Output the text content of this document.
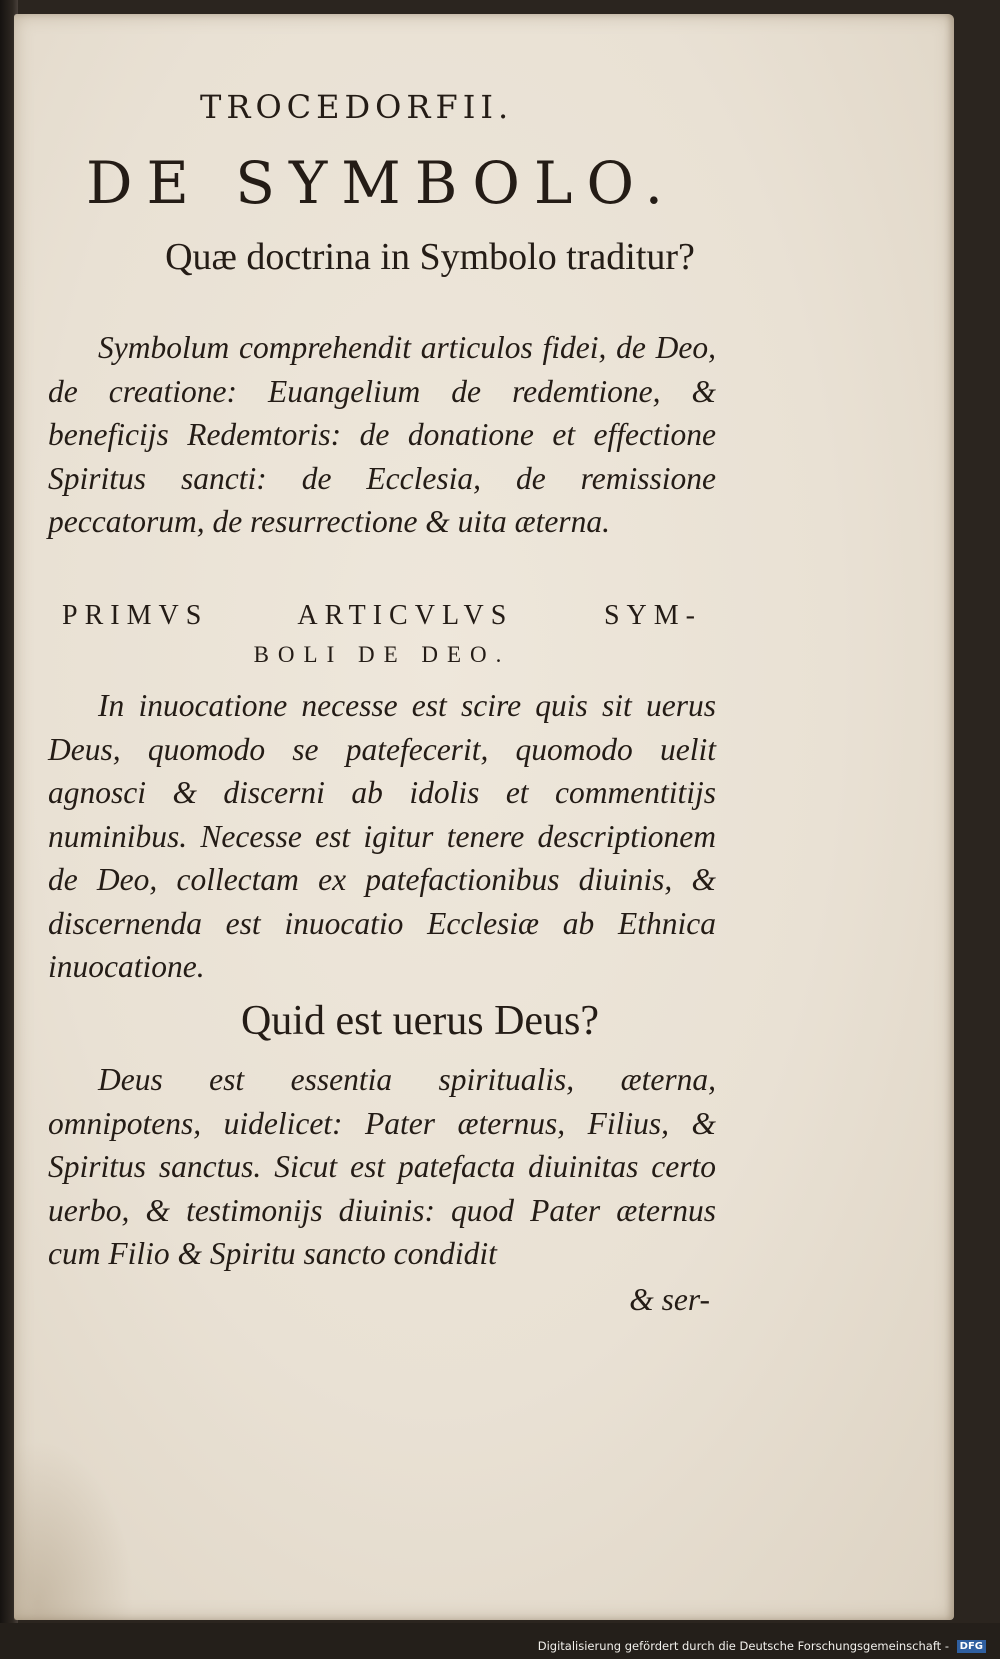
TROCEDORFII.
DE SYMBOLO.
Quæ doctrina in Symbolo traditur?
Symbolum comprehendit articulos fidei, de Deo, de creatione: Euangelium de redemtione, & beneficijs Redemtoris: de donatione et effectione Spiritus sancti: de Ecclesia, de remissione peccatorum, de resurrectione & uita æterna.
PRIMVS ARTICVLVS SYM-
BOLI DE DEO.
In inuocatione necesse est scire quis sit uerus Deus, quomodo se patefecerit, quomodo uelit agnosci & discerni ab idolis et commentitijs numinibus. Necesse est igitur tenere descriptionem de Deo, collectam ex patefactionibus diuinis, & discernenda est inuocatio Ecclesiæ ab Ethnica inuocatione.
Quid est uerus Deus?
Deus est essentia spiritualis, æterna, omnipotens, uidelicet: Pater æternus, Filius, & Spiritus sanctus. Sicut est patefacta diuinitas certo uerbo, & testimonijs diuinis: quod Pater æternus cum Filio & Spiritu sancto condidit
& ser-
Digitalisierung gefördert durch die Deutsche Forschungsgemeinschaft - DFG
